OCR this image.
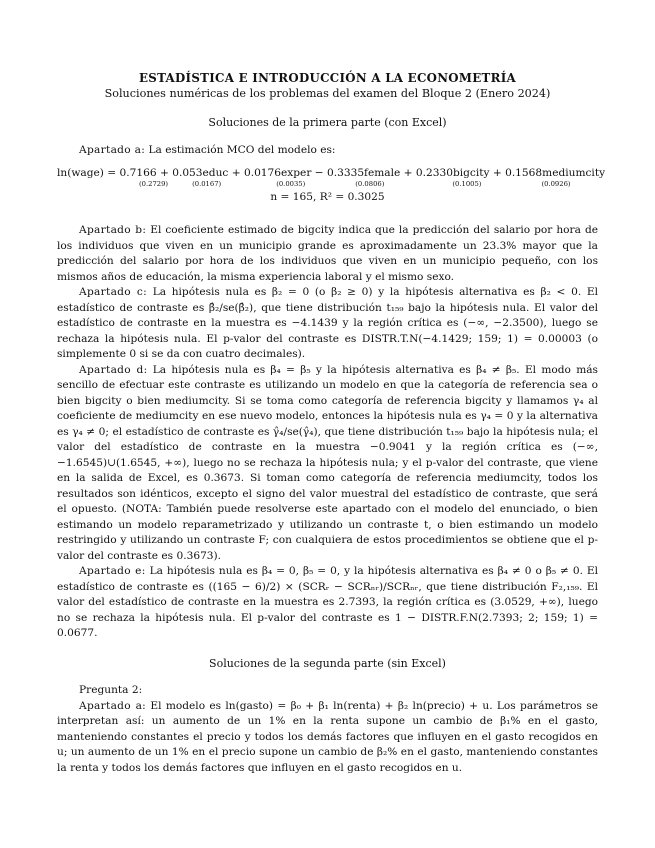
ESTADÍSTICA E INTRODUCCIÓN A LA ECONOMETRÍA

Soluciones numéricas de los problemas del examen del Bloque 2 (Enero 2024)

Soluciones de la primera parte (con Excel)

Apartado a: La estimación MCO del modelo es:

ln(wage) = 0.7166 + 0.053educ + 0.0176exper − 0.3335female + 0.2330bigcity + 0.1568mediumcity
(0.2729)	(0.0167)	(0.0035)	(0.0806)	(0.1005)	(0.0926)
n = 165, R² = 0.3025

Apartado b: El coeficiente estimado de bigcity indica que la predicción del salario por hora de los individuos que viven en un municipio grande es aproximadamente un 23.3% mayor que la predicción del salario por hora de los individuos que viven en un municipio pequeño, con los mismos años de educación, la misma experiencia laboral y el mismo sexo.

Apartado c: La hipótesis nula es β₂ = 0 (o β₂ ≥ 0) y la hipótesis alternativa es β₂ < 0. El estadístico de contraste es β̂₂/se(β̂₂), que tiene distribución t₁₅₉ bajo la hipótesis nula. El valor del estadístico de contraste en la muestra es −4.1439 y la región crítica es (−∞, −2.3500), luego se rechaza la hipótesis nula. El p-valor del contraste es DISTR.T.N(−4.1429; 159; 1) = 0.00003 (o simplemente 0 si se da con cuatro decimales).

Apartado d: La hipótesis nula es β₄ = β₅ y la hipótesis alternativa es β₄ ≠ β₅. El modo más sencillo de efectuar este contraste es utilizando un modelo en que la categoría de referencia sea o bien bigcity o bien mediumcity. Si se toma como categoría de referencia bigcity y llamamos γ₄ al coeficiente de mediumcity en ese nuevo modelo, entonces la hipótesis nula es γ₄ = 0 y la alternativa es γ₄ ≠ 0; el estadístico de contraste es γ̂₄/se(γ̂₄), que tiene distribución t₁₅₉ bajo la hipótesis nula; el valor del estadístico de contraste en la muestra −0.9041 y la región crítica es (−∞, −1.6545)∪(1.6545, +∞), luego no se rechaza la hipótesis nula; y el p-valor del contraste, que viene en la salida de Excel, es 0.3673. Si toman como categoría de referencia mediumcity, todos los resultados son idénticos, excepto el signo del valor muestral del estadístico de contraste, que será el opuesto. (NOTA: También puede resolverse este apartado con el modelo del enunciado, o bien estimando un modelo reparametrizado y utilizando un contraste t, o bien estimando un modelo restringido y utilizando un contraste F; con cualquiera de estos procedimientos se obtiene que el p-valor del contraste es 0.3673).

Apartado e: La hipótesis nula es β₄ = 0, β₅ = 0, y la hipótesis alternativa es β₄ ≠ 0 o β₅ ≠ 0. El estadístico de contraste es ((165 − 6)/2) × (SCRᵣ − SCRₙᵣ)/SCRₙᵣ, que tiene distribución F₂,₁₅₉. El valor del estadístico de contraste en la muestra es 2.7393, la región crítica es (3.0529, +∞), luego no se rechaza la hipótesis nula. El p-valor del contraste es 1 − DISTR.F.N(2.7393; 2; 159; 1) = 0.0677.

Soluciones de la segunda parte (sin Excel)

Pregunta 2:

Apartado a: El modelo es ln(gasto) = β₀ + β₁ ln(renta) + β₂ ln(precio) + u. Los parámetros se interpretan así: un aumento de un 1% en la renta supone un cambio de β₁% en el gasto, manteniendo constantes el precio y todos los demás factores que influyen en el gasto recogidos en u; un aumento de un 1% en el precio supone un cambio de β₂% en el gasto, manteniendo constantes la renta y todos los demás factores que influyen en el gasto recogidos en u.
